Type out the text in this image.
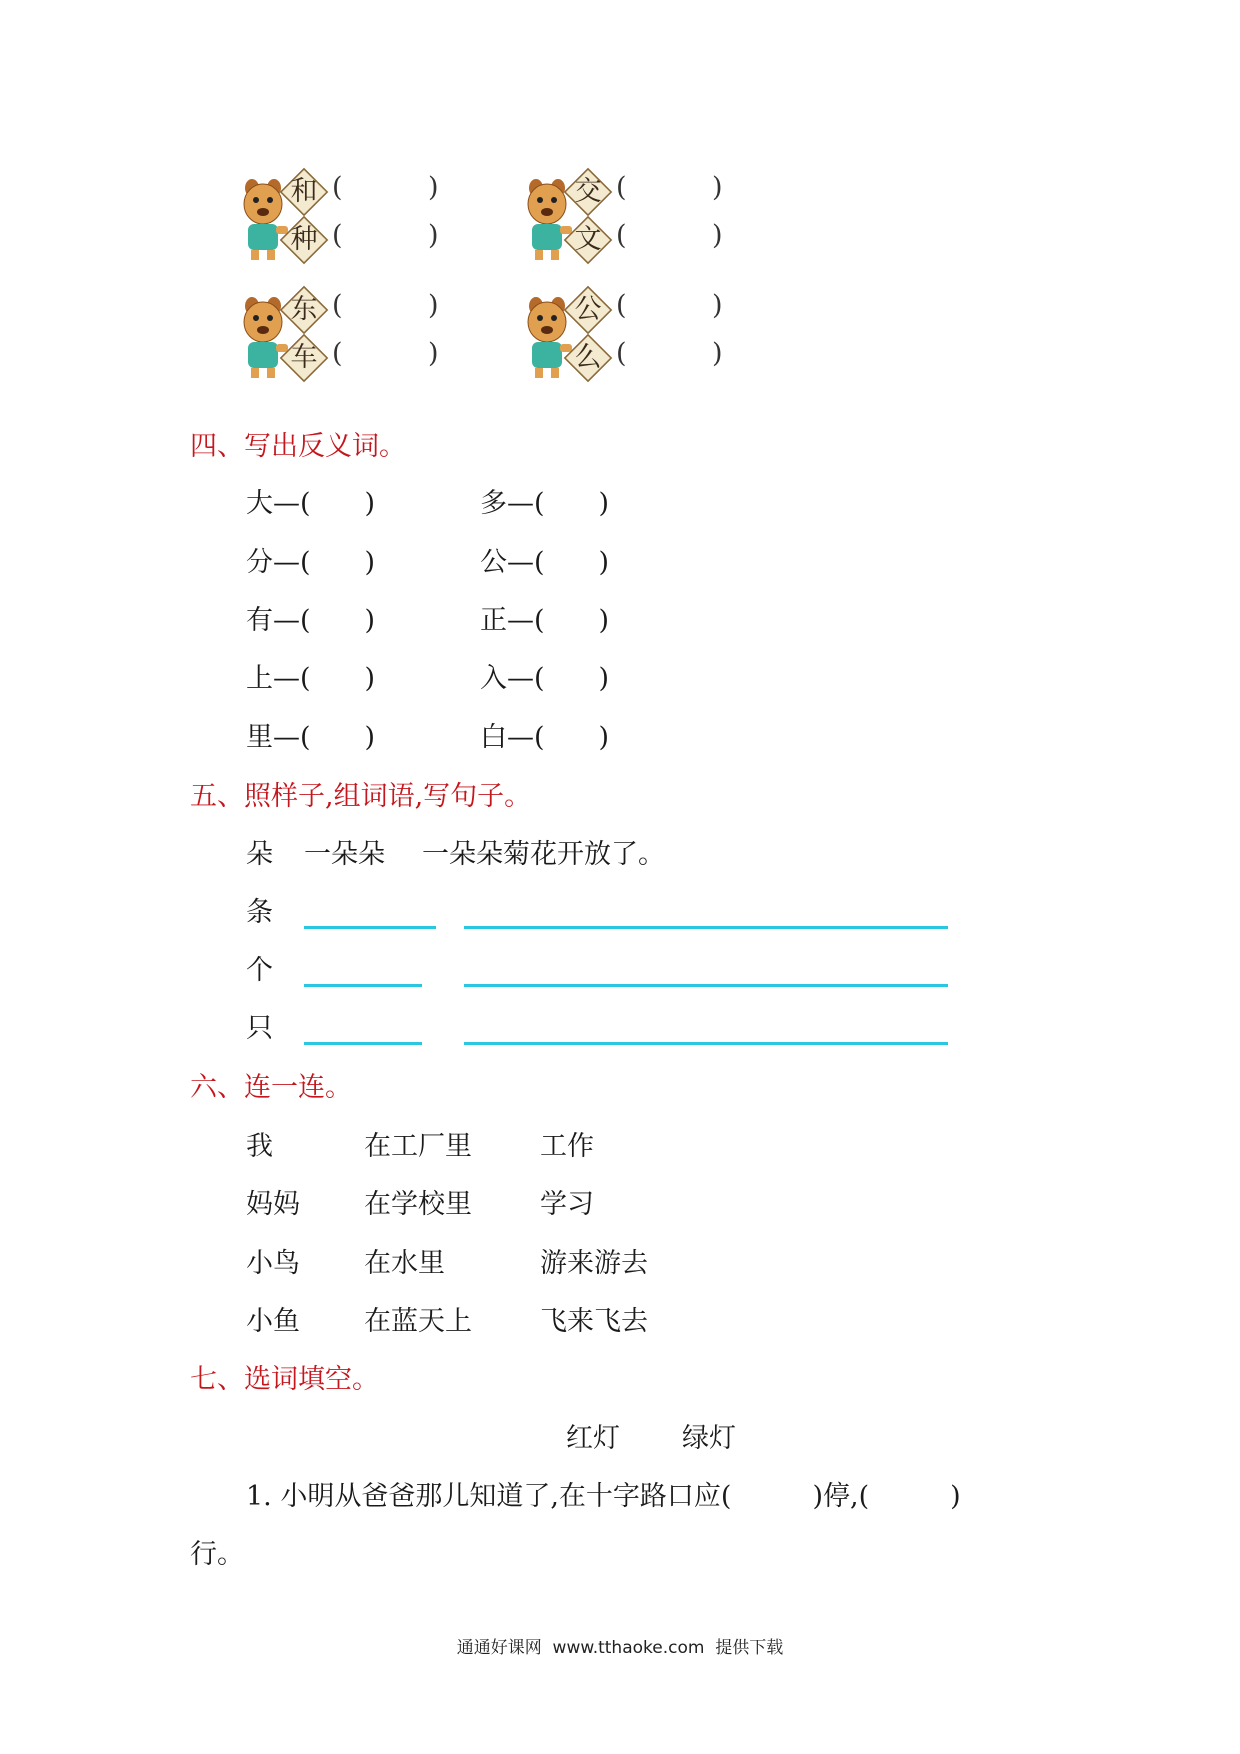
和
种
(	)
(	)
交
文
(	)
(	)
东
车
(	)
(	)
公
么
(	)
(	)
四、写出反义词。
大—(　　)	多—(　　)
分—(　　)	公—(　　)
有—(　　)	正—(　　)
上—(　　)	入—(　　)
里—(　　)	白—(　　)
五、照样子,组词语,写句子。
朵 一朵朵 一朵朵菊花开放了。
条
个
只
六、连一连。
我	在工厂里	工作
妈妈 在学校里	学习
小鸟 在水里	游来游去
小鱼 在蓝天上	飞来飞去
七、选词填空。
红灯 绿灯
1. 小明从爸爸那儿知道了,在十字路口应(　　　)停,(　　　)
行。
通通好课网  www.tthaoke.com  提供下载
